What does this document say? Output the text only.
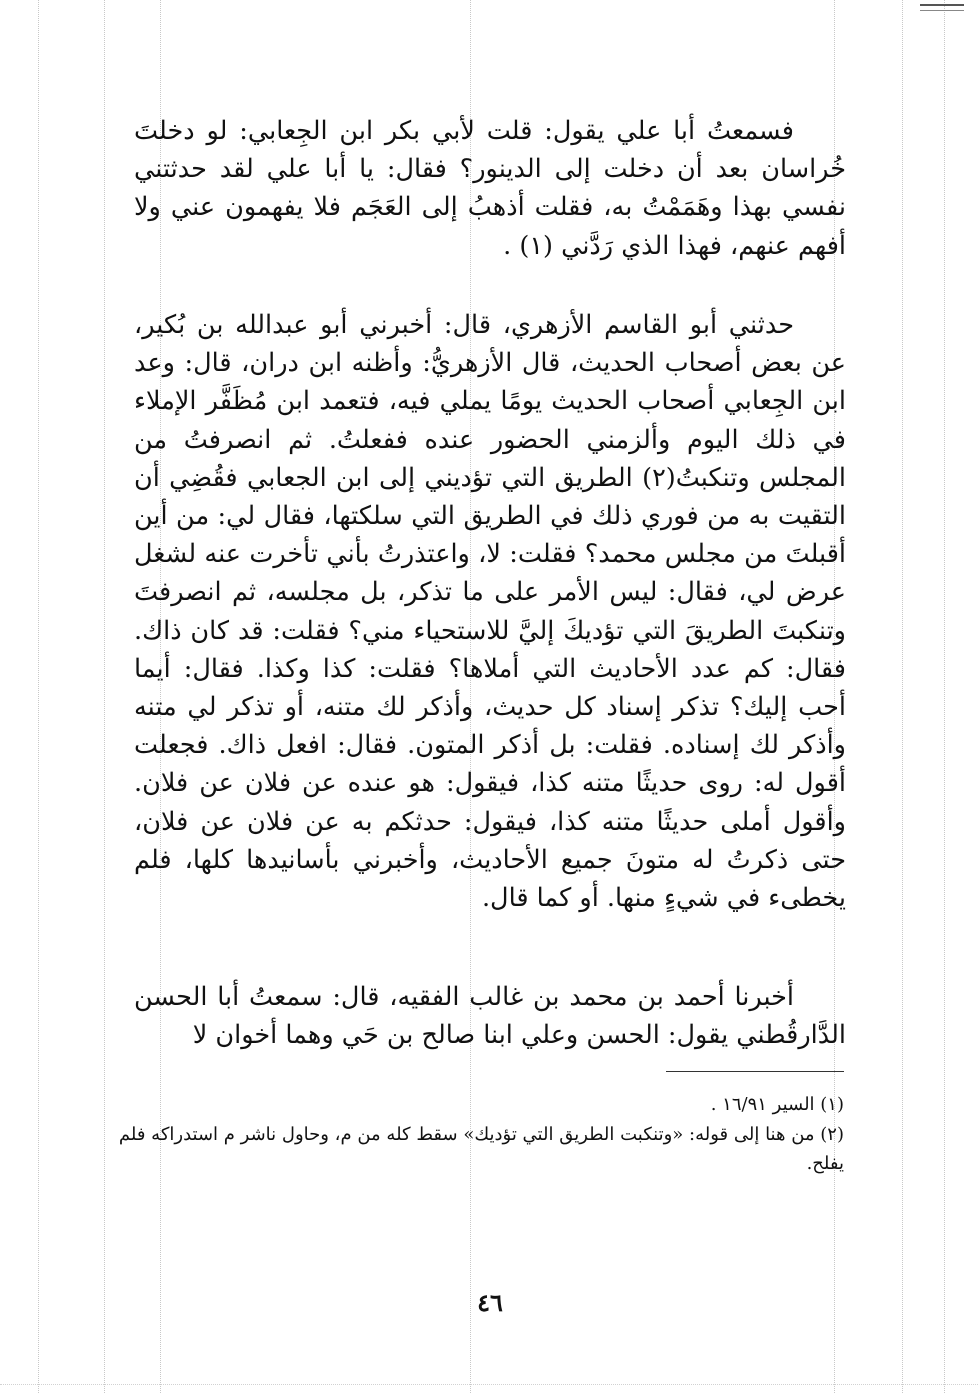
فسمعتُ أبا علي يقول: قلت لأبي بكر ابن الجِعابي: لو دخلتَ خُراسان بعد أن دخلت إلى الدينور؟ فقال: يا أبا علي لقد حدثتني نفسي بهذا وهَمَمْتُ به، فقلت أذهبُ إلى العَجَم فلا يفهمون عني ولا أفهم عنهم، فهذا الذي رَدَّني (١) .
حدثني أبو القاسم الأزهري، قال: أخبرني أبو عبدالله بن بُكير، عن بعض أصحاب الحديث، قال الأزهريُّ: وأظنه ابن دران، قال: وعد ابن الجِعابي أصحاب الحديث يومًا يملي فيه، فتعمد ابن مُظَفَّر الإملاء في ذلك اليوم وألزمني الحضور عنده ففعلتُ. ثم انصرفتُ من المجلس وتنكبتُ(٢) الطريق التي تؤديني إلى ابن الجعابي فقُضِي أن التقيت به من فوري ذلك في الطريق التي سلكتها، فقال لي: من أين أقبلتَ من مجلس محمد؟ فقلت: لا، واعتذرتُ بأني تأخرت عنه لشغل عرض لي، فقال: ليس الأمر على ما تذكر، بل مجلسه، ثم انصرفتَ وتنكبتَ الطريقَ التي تؤديكَ إليَّ للاستحياء مني؟ فقلت: قد كان ذاك. فقال: كم عدد الأحاديث التي أملاها؟ فقلت: كذا وكذا. فقال: أيما أحب إليك؟ تذكر إسناد كل حديث، وأذكر لك متنه، أو تذكر لي متنه وأذكر لك إسناده. فقلت: بل أذكر المتون. فقال: افعل ذاك. فجعلت أقول له: روى حديثًا متنه كذا، فيقول: هو عنده عن فلان عن فلان. وأقول أملى حديثًا متنه كذا، فيقول: حدثكم به عن فلان عن فلان، حتى ذكرتُ له متونَ جميع الأحاديث، وأخبرني بأسانيدها كلها، فلم يخطىء في شيءٍ منها. أو كما قال.
أخبرنا أحمد بن محمد بن غالب الفقيه، قال: سمعتُ أبا الحسن الدَّارقُطني يقول: الحسن وعلي ابنا صالح بن حَي وهما أخوان لا

(١) السير ١٦/٩١ .

(٢) من هنا إلى قوله: «وتنكبت الطريق التي تؤديك» سقط كله من م، وحاول ناشر م استدراكه فلم يفلح.

٤٦
